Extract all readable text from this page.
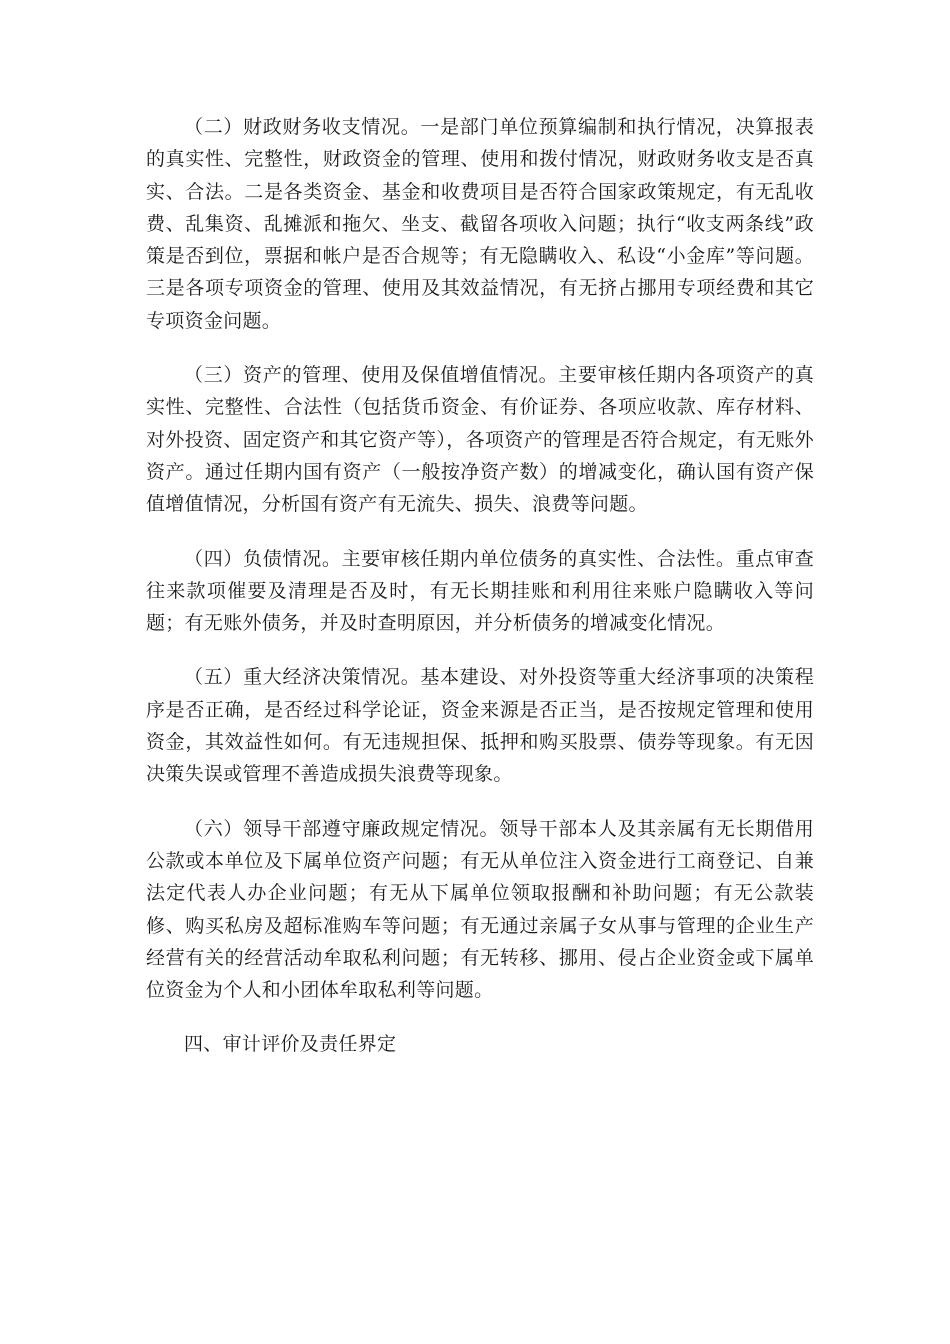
（二）财政财务收支情况。一是部门单位预算编制和执行情况，决算报表的真实性、完整性，财政资金的管理、使用和拨付情况，财政财务收支是否真实、合法。二是各类资金、基金和收费项目是否符合国家政策规定，有无乱收费、乱集资、乱摊派和拖欠、坐支、截留各项收入问题；执行“收支两条线”政策是否到位，票据和帐户是否合规等；有无隐瞒收入、私设“小金库”等问题。三是各项专项资金的管理、使用及其效益情况，有无挤占挪用专项经费和其它专项资金问题。

（三）资产的管理、使用及保值增值情况。主要审核任期内各项资产的真实性、完整性、合法性（包括货币资金、有价证券、各项应收款、库存材料、对外投资、固定资产和其它资产等），各项资产的管理是否符合规定，有无账外资产。通过任期内国有资产（一般按净资产数）的增减变化，确认国有资产保值增值情况，分析国有资产有无流失、损失、浪费等问题。

（四）负债情况。主要审核任期内单位债务的真实性、合法性。重点审查往来款项催要及清理是否及时，有无长期挂账和利用往来账户隐瞒收入等问题；有无账外债务，并及时查明原因，并分析债务的增减变化情况。

（五）重大经济决策情况。基本建设、对外投资等重大经济事项的决策程序是否正确，是否经过科学论证，资金来源是否正当，是否按规定管理和使用资金，其效益性如何。有无违规担保、抵押和购买股票、债券等现象。有无因决策失误或管理不善造成损失浪费等现象。

（六）领导干部遵守廉政规定情况。领导干部本人及其亲属有无长期借用公款或本单位及下属单位资产问题；有无从单位注入资金进行工商登记、自兼法定代表人办企业问题；有无从下属单位领取报酬和补助问题；有无公款装修、购买私房及超标准购车等问题；有无通过亲属子女从事与管理的企业生产经营有关的经营活动牟取私利问题；有无转移、挪用、侵占企业资金或下属单位资金为个人和小团体牟取私利等问题。

四、审计评价及责任界定
